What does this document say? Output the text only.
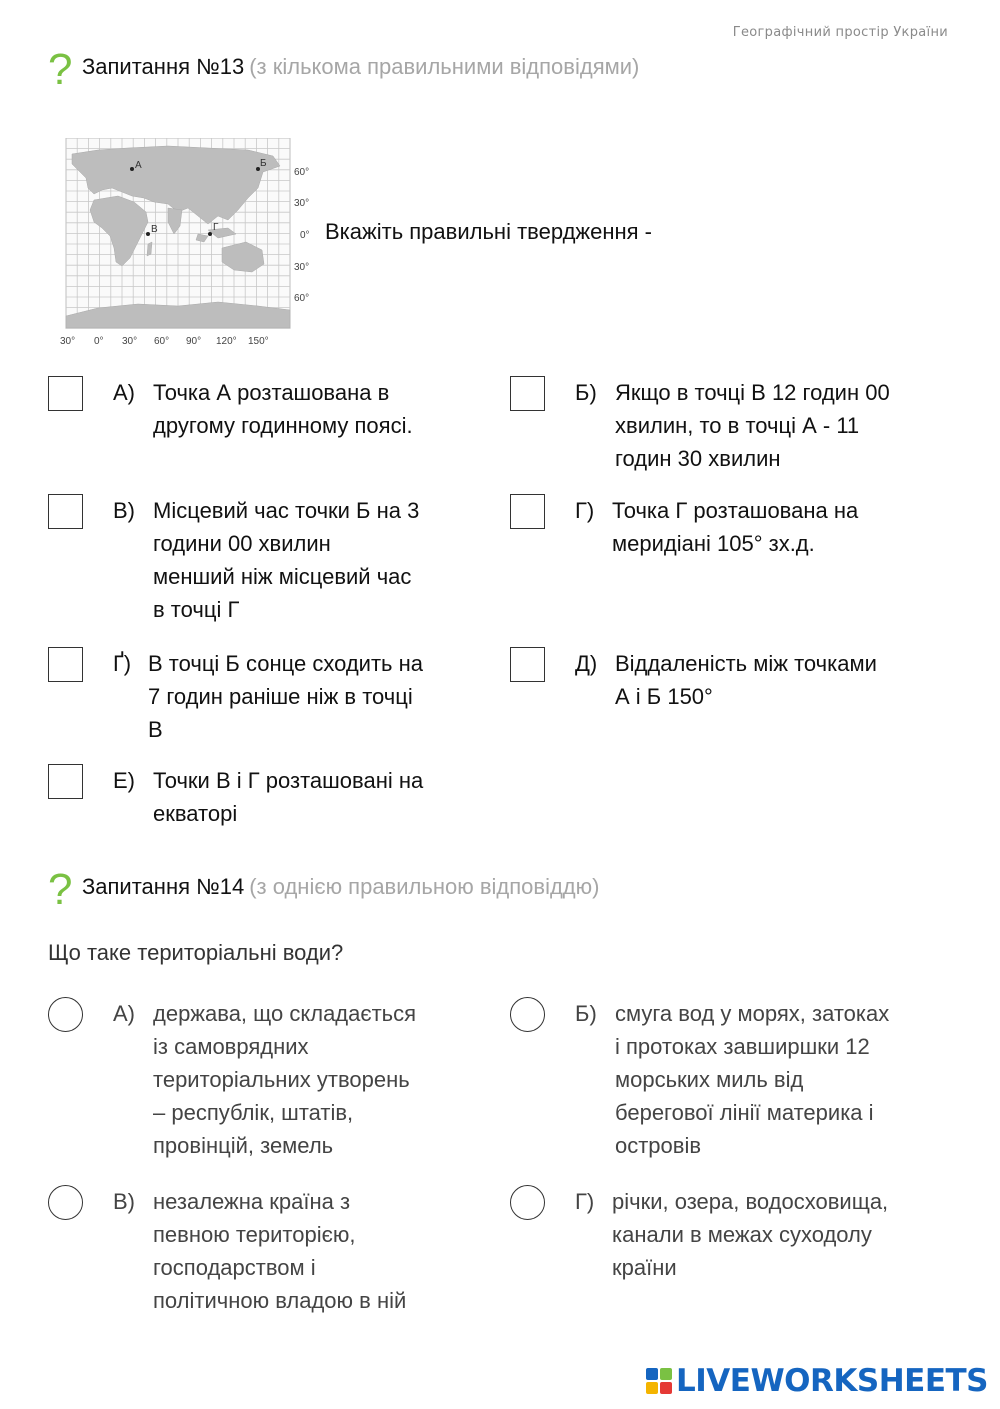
Географічний простір України
? Запитання №13 (з кількома правильними відповідями)
А	Б
В	Г
60°
30°
0°
30°
60°
30° 0° 30° 60° 90° 120° 150°
Вкажіть правильні твердження -
А) Точка А розташована в
другому годинному поясі.
Б) Якщо в точці В 12 годин 00
хвилин, то в точці А - 11
годин 30 хвилин
В) Місцевий час точки Б на 3
години 00 хвилин
менший ніж місцевий час
в точці Г
Г) Точка Г розташована на
меридіані 105° зх.д.
Ґ) В точці Б сонце сходить на
7 годин раніше ніж в точці
В
Д) Віддаленість між точками
А і Б 150°
Е) Точки В і Г розташовані на
екваторі
? Запитання №14 (з однією правильною відповіддю)
Що таке територіальні води?
А) держава, що складається
із самоврядних
територіальних утворень
– республік, штатів,
провінцій, земель
Б) смуга вод у морях, затоках
і протоках завширшки 12
морських миль від
берегової лінії материка і
островів
В) незалежна країна з
певною територією,
господарством і
політичною владою в ній
Г) річки, озера, водосховища,
канали в межах суходолу
країни
LIVEWORKSHEETS
